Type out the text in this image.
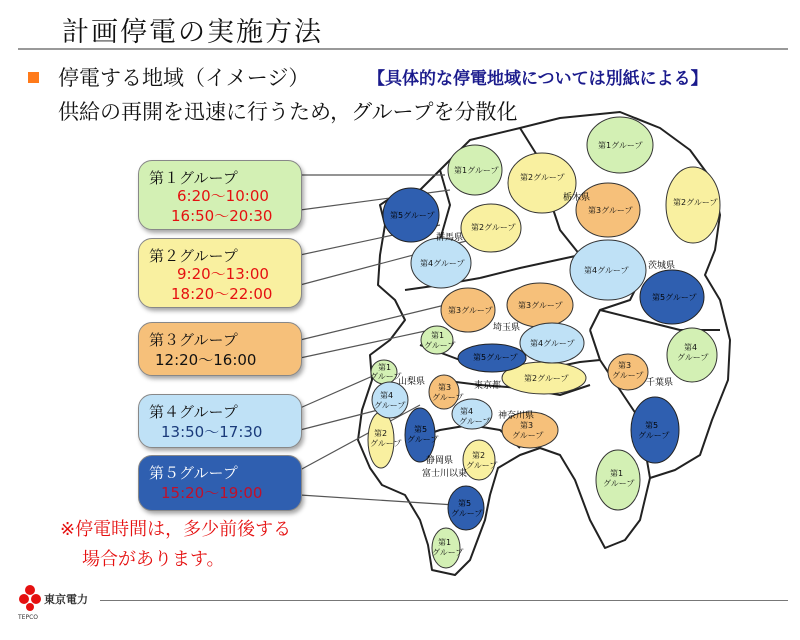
計画停電の実施方法
停電する地域（イメージ）	【具体的な停電地域については別紙による】
供給の再開を迅速に行うため，グループを分散化
第1グループ
第1グループ
第2グループ
第2グループ
第2グループ
第3グループ
第3グループ
第3グループ
第4グループ
第4グループ
第4グループ
第2グループ
第5グループ
第5グループ
第5グループ
第4
グループ
第1
グループ
第1
グループ
第4
グループ
第2
グループ
第5
グループ
第3
グループ
第2
グループ
第3
グループ
第4
グループ
第5
グループ
第1
グループ
第5
グループ
第1
グループ
第3
グループ
栃木県
群馬県
茨城県
埼玉県
千葉県
東京都
神奈川県
山梨県
静岡県
富士川以東
第１グループ
6:20〜10:00
16:50〜20:30
第２グループ
9:20〜13:00
18:20〜22:00
第３グループ
12:20〜16:00
第４グループ
13:50〜17:30
第５グループ
15:20〜19:00
※停電時間は，多少前後する
場合があります。
東京電力
TEPCO
